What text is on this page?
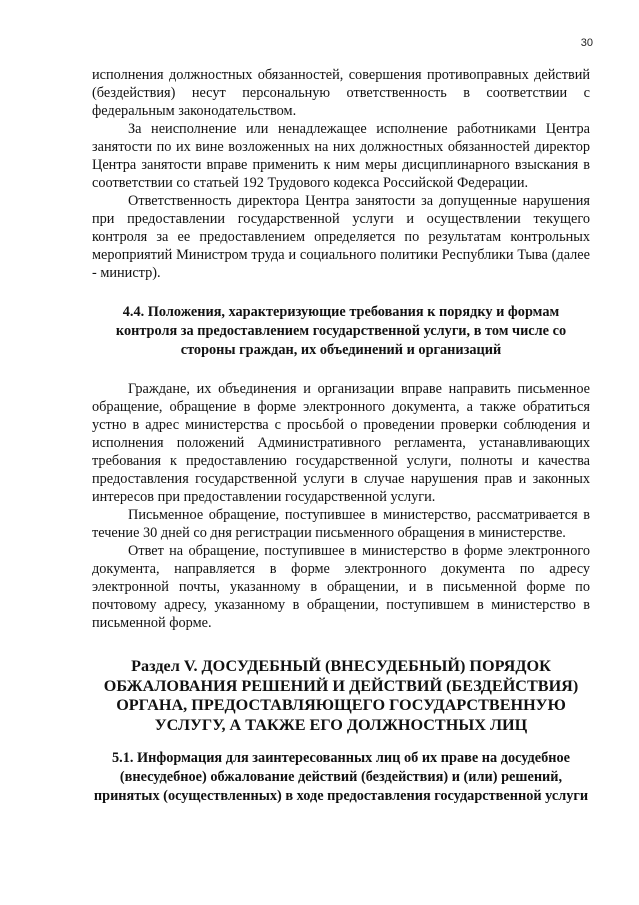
30

исполнения должностных обязанностей, совершения противоправных действий (бездействия) несут персональную ответственность в соответствии с федеральным законодательством.

За неисполнение или ненадлежащее исполнение работниками Центра занятости по их вине возложенных на них должностных обязанностей директор Центра занятости вправе применить к ним меры дисциплинарного взыскания в соответствии со статьей 192 Трудового кодекса Российской Федерации.

Ответственность директора Центра занятости за допущенные нарушения при предоставлении государственной услуги и осуществлении текущего контроля за ее предоставлением определяется по результатам контрольных мероприятий Министром труда и социального политики Республики Тыва (далее - министр).

4.4. Положения, характеризующие требования к порядку и формам контроля за предоставлением государственной услуги, в том числе со стороны граждан, их объединений и организаций

Граждане, их объединения и организации вправе направить письменное обращение, обращение в форме электронного документа, а также обратиться устно в адрес министерства с просьбой о проведении проверки соблюдения и исполнения положений Административного регламента, устанавливающих требования к предоставлению государственной услуги, полноты и качества предоставления государственной услуги в случае нарушения прав и законных интересов при предоставлении государственной услуги.

Письменное обращение, поступившее в министерство, рассматривается в течение 30 дней со дня регистрации письменного обращения в министерстве.

Ответ на обращение, поступившее в министерство в форме электронного документа, направляется в форме электронного документа по адресу электронной почты, указанному в обращении, и в письменной форме по почтовому адресу, указанному в обращении, поступившем в министерство в письменной форме.

Раздел V. ДОСУДЕБНЫЙ (ВНЕСУДЕБНЫЙ) ПОРЯДОК ОБЖАЛОВАНИЯ РЕШЕНИЙ И ДЕЙСТВИЙ (БЕЗДЕЙСТВИЯ) ОРГАНА, ПРЕДОСТАВЛЯЮЩЕГО ГОСУДАРСТВЕННУЮ УСЛУГУ, А ТАКЖЕ ЕГО ДОЛЖНОСТНЫХ ЛИЦ
5.1. Информация для заинтересованных лиц об их праве на досудебное (внесудебное) обжалование действий (бездействия) и (или) решений, принятых (осуществленных) в ходе предоставления государственной услуги
